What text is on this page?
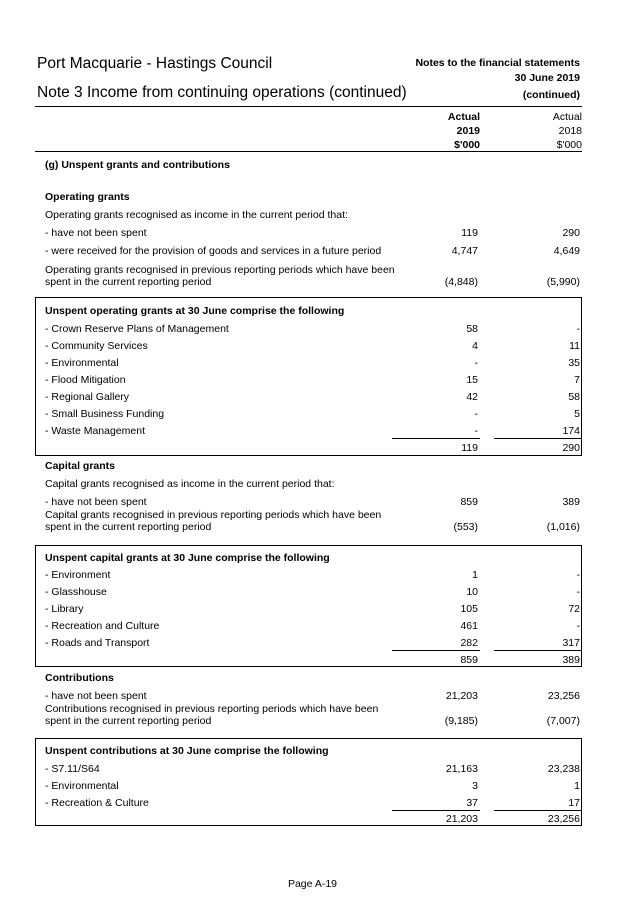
Port Macquarie - Hastings Council
Note 3 Income from continuing operations (continued)
Notes to the financial statements
30 June 2019
(continued)
Actual
2019
$'000
Actual
2018
$'000
(g) Unspent grants and contributions
Operating grants
Operating grants recognised as income in the current period that:
- have not been spent	119	290
- were received for the provision of goods and services in a future period	4,747	4,649
Operating grants recognised in previous reporting periods which have been
spent in the current reporting period	(4,848)	(5,990)
Unspent operating grants at 30 June comprise the following
- Crown Reserve Plans of Management	58	-
- Community Services	4	11
- Environmental	-	35
- Flood Mitigation	15	7
- Regional Gallery	42	58
- Small Business Funding	-	5
- Waste Management	-	174
119	290
Capital grants
Capital grants recognised as income in the current period that:
- have not been spent	859	389
Capital grants recognised in previous reporting periods which have been
spent in the current reporting period	(553)	(1,016)
Unspent capital grants at 30 June comprise the following
- Environment	1	-
- Glasshouse	10	-
- Library	105	72
- Recreation and Culture	461	-
- Roads and Transport	282	317
859	389
Contributions
- have not been spent	21,203	23,256
Contributions recognised in previous reporting periods which have been
spent in the current reporting period	(9,185)	(7,007)
Unspent contributions at 30 June comprise the following
- S7.11/S64	21,163	23,238
- Environmental	3	1
- Recreation & Culture	37	17
21,203	23,256
Page A-19
